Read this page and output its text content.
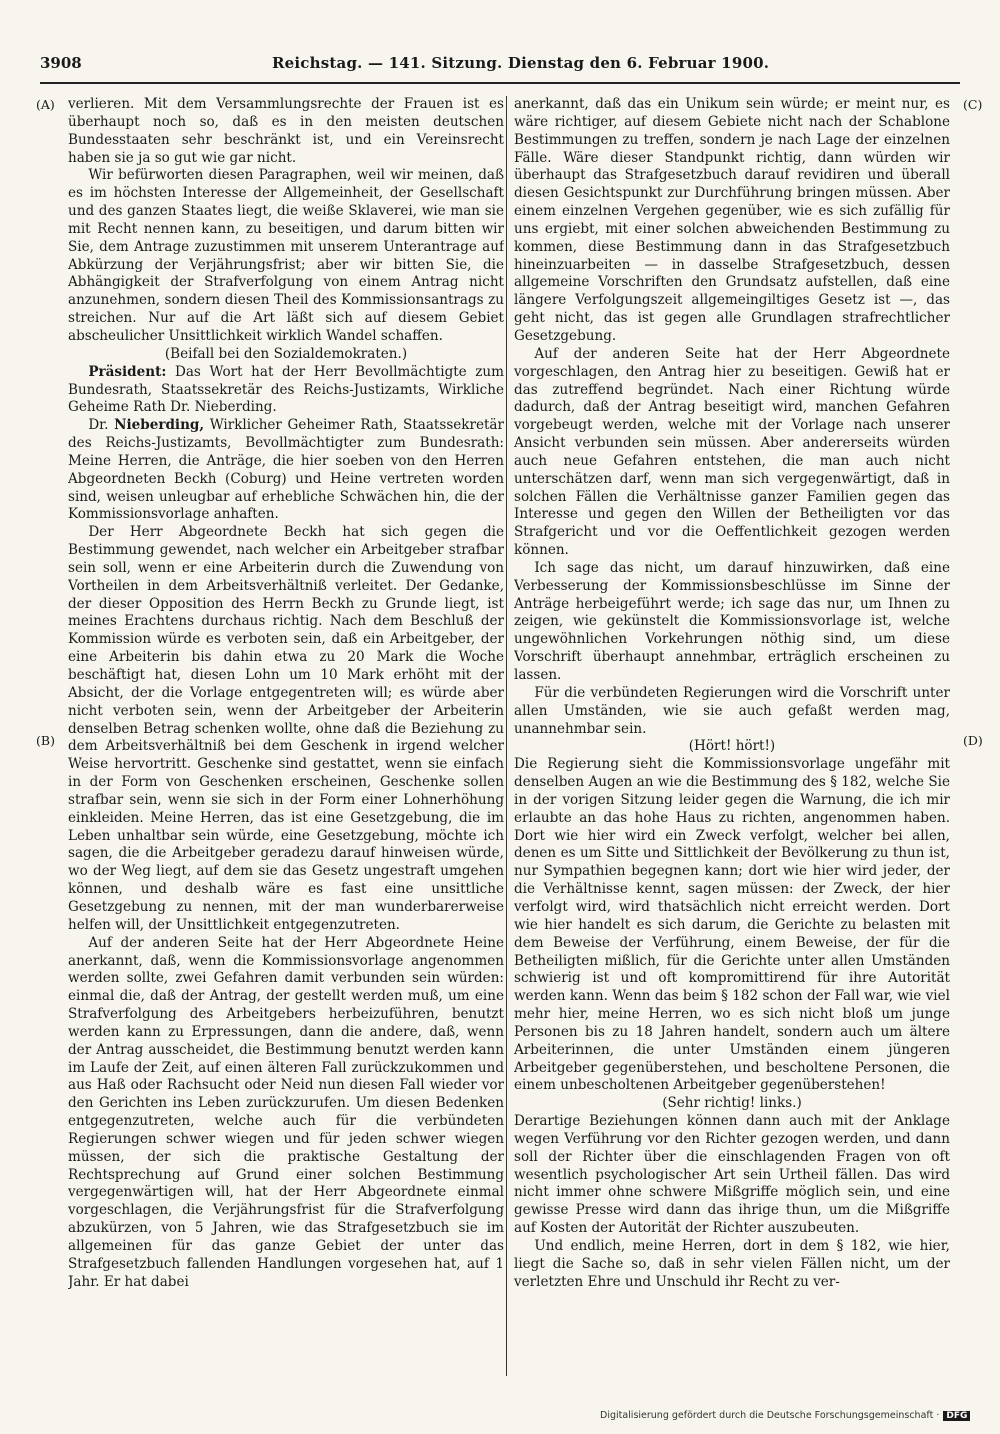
3908	Reichstag. — 141. Sitzung. Dienstag den 6. Februar 1900.
(A)
(B)
(C)
(D)

verlieren. Mit dem Versammlungsrechte der Frauen ist es überhaupt noch so, daß es in den meisten deutschen Bundesstaaten sehr beschränkt ist, und ein Vereinsrecht haben sie ja so gut wie gar nicht.

Wir befürworten diesen Paragraphen, weil wir meinen, daß es im höchsten Interesse der Allgemeinheit, der Gesellschaft und des ganzen Staates liegt, die weiße Sklaverei, wie man sie mit Recht nennen kann, zu beseitigen, und darum bitten wir Sie, dem Antrage zuzustimmen mit unserem Unterantrage auf Abkürzung der Verjährungsfrist; aber wir bitten Sie, die Abhängigkeit der Strafverfolgung von einem Antrag nicht anzunehmen, sondern diesen Theil des Kommissionsantrags zu streichen. Nur auf die Art läßt sich auf diesem Gebiet abscheulicher Unsittlichkeit wirklich Wandel schaffen.

(Beifall bei den Sozialdemokraten.)

Präsident: Das Wort hat der Herr Bevollmächtigte zum Bundesrath, Staatssekretär des Reichs-Justizamts, Wirkliche Geheime Rath Dr. Nieberding.

Dr. Nieberding, Wirklicher Geheimer Rath, Staatssekretär des Reichs-Justizamts, Bevollmächtigter zum Bundesrath: Meine Herren, die Anträge, die hier soeben von den Herren Abgeordneten Beckh (Coburg) und Heine vertreten worden sind, weisen unleugbar auf erhebliche Schwächen hin, die der Kommissionsvorlage anhaften.

Der Herr Abgeordnete Beckh hat sich gegen die Bestimmung gewendet, nach welcher ein Arbeitgeber strafbar sein soll, wenn er eine Arbeiterin durch die Zuwendung von Vortheilen in dem Arbeitsverhältniß verleitet. Der Gedanke, der dieser Opposition des Herrn Beckh zu Grunde liegt, ist meines Erachtens durchaus richtig. Nach dem Beschluß der Kommission würde es verboten sein, daß ein Arbeitgeber, der eine Arbeiterin bis dahin etwa zu 20 Mark die Woche beschäftigt hat, diesen Lohn um 10 Mark erhöht mit der Absicht, der die Vorlage entgegentreten will; es würde aber nicht verboten sein, wenn der Arbeitgeber der Arbeiterin denselben Betrag schenken wollte, ohne daß die Beziehung zu dem Arbeitsverhältniß bei dem Geschenk in irgend welcher Weise hervortritt. Geschenke sind gestattet, wenn sie einfach in der Form von Geschenken erscheinen, Geschenke sollen strafbar sein, wenn sie sich in der Form einer Lohnerhöhung einkleiden. Meine Herren, das ist eine Gesetzgebung, die im Leben unhaltbar sein würde, eine Gesetzgebung, möchte ich sagen, die die Arbeitgeber geradezu darauf hinweisen würde, wo der Weg liegt, auf dem sie das Gesetz ungestraft umgehen können, und deshalb wäre es fast eine unsittliche Gesetzgebung zu nennen, mit der man wunderbarerweise helfen will, der Unsittlichkeit entgegenzutreten.

Auf der anderen Seite hat der Herr Abgeordnete Heine anerkannt, daß, wenn die Kommissionsvorlage angenommen werden sollte, zwei Gefahren damit verbunden sein würden: einmal die, daß der Antrag, der gestellt werden muß, um eine Strafverfolgung des Arbeitgebers herbeizuführen, benutzt werden kann zu Erpressungen, dann die andere, daß, wenn der Antrag ausscheidet, die Bestimmung benutzt werden kann im Laufe der Zeit, auf einen älteren Fall zurückzukommen und aus Haß oder Rachsucht oder Neid nun diesen Fall wieder vor den Gerichten ins Leben zurückzurufen. Um diesen Bedenken entgegenzutreten, welche auch für die verbündeten Regierungen schwer wiegen und für jeden schwer wiegen müssen, der sich die praktische Gestaltung der Rechtsprechung auf Grund einer solchen Bestimmung vergegenwärtigen will, hat der Herr Abgeordnete einmal vorgeschlagen, die Verjährungsfrist für die Strafverfolgung abzukürzen, von 5 Jahren, wie das Strafgesetzbuch sie im allgemeinen für das ganze Gebiet der unter das Strafgesetzbuch fallenden Handlungen vorgesehen hat, auf 1 Jahr. Er hat dabei

anerkannt, daß das ein Unikum sein würde; er meint nur, es wäre richtiger, auf diesem Gebiete nicht nach der Schablone Bestimmungen zu treffen, sondern je nach Lage der einzelnen Fälle. Wäre dieser Standpunkt richtig, dann würden wir überhaupt das Strafgesetzbuch darauf revidiren und überall diesen Gesichtspunkt zur Durchführung bringen müssen. Aber einem einzelnen Vergehen gegenüber, wie es sich zufällig für uns ergiebt, mit einer solchen abweichenden Bestimmung zu kommen, diese Bestimmung dann in das Strafgesetzbuch hineinzuarbeiten — in dasselbe Strafgesetzbuch, dessen allgemeine Vorschriften den Grundsatz aufstellen, daß eine längere Verfolgungszeit allgemeingiltiges Gesetz ist —, das geht nicht, das ist gegen alle Grundlagen strafrechtlicher Gesetzgebung.

Auf der anderen Seite hat der Herr Abgeordnete vorgeschlagen, den Antrag hier zu beseitigen. Gewiß hat er das zutreffend begründet. Nach einer Richtung würde dadurch, daß der Antrag beseitigt wird, manchen Gefahren vorgebeugt werden, welche mit der Vorlage nach unserer Ansicht verbunden sein müssen. Aber andererseits würden auch neue Gefahren entstehen, die man auch nicht unterschätzen darf, wenn man sich vergegenwärtigt, daß in solchen Fällen die Verhältnisse ganzer Familien gegen das Interesse und gegen den Willen der Betheiligten vor das Strafgericht und vor die Oeffentlichkeit gezogen werden können.

Ich sage das nicht, um darauf hinzuwirken, daß eine Verbesserung der Kommissionsbeschlüsse im Sinne der Anträge herbeigeführt werde; ich sage das nur, um Ihnen zu zeigen, wie gekünstelt die Kommissionsvorlage ist, welche ungewöhnlichen Vorkehrungen nöthig sind, um diese Vorschrift überhaupt annehmbar, erträglich erscheinen zu lassen.

Für die verbündeten Regierungen wird die Vorschrift unter allen Umständen, wie sie auch gefaßt werden mag, unannehmbar sein.

(Hört! hört!)

Die Regierung sieht die Kommissionsvorlage ungefähr mit denselben Augen an wie die Bestimmung des § 182, welche Sie in der vorigen Sitzung leider gegen die Warnung, die ich mir erlaubte an das hohe Haus zu richten, angenommen haben. Dort wie hier wird ein Zweck verfolgt, welcher bei allen, denen es um Sitte und Sittlichkeit der Bevölkerung zu thun ist, nur Sympathien begegnen kann; dort wie hier wird jeder, der die Verhältnisse kennt, sagen müssen: der Zweck, der hier verfolgt wird, wird thatsächlich nicht erreicht werden. Dort wie hier handelt es sich darum, die Gerichte zu belasten mit dem Beweise der Verführung, einem Beweise, der für die Betheiligten mißlich, für die Gerichte unter allen Umständen schwierig ist und oft kompromittirend für ihre Autorität werden kann. Wenn das beim § 182 schon der Fall war, wie viel mehr hier, meine Herren, wo es sich nicht bloß um junge Personen bis zu 18 Jahren handelt, sondern auch um ältere Arbeiterinnen, die unter Umständen einem jüngeren Arbeitgeber gegenüberstehen, und bescholtene Personen, die einem unbescholtenen Arbeitgeber gegenüberstehen!

(Sehr richtig! links.)

Derartige Beziehungen können dann auch mit der Anklage wegen Verführung vor den Richter gezogen werden, und dann soll der Richter über die einschlagenden Fragen von oft wesentlich psychologischer Art sein Urtheil fällen. Das wird nicht immer ohne schwere Mißgriffe möglich sein, und eine gewisse Presse wird dann das ihrige thun, um die Mißgriffe auf Kosten der Autorität der Richter auszubeuten.

Und endlich, meine Herren, dort in dem § 182, wie hier, liegt die Sache so, daß in sehr vielen Fällen nicht, um der verletzten Ehre und Unschuld ihr Recht zu ver-

Digitalisierung gefördert durch die Deutsche Forschungsgemeinschaft · DFG
